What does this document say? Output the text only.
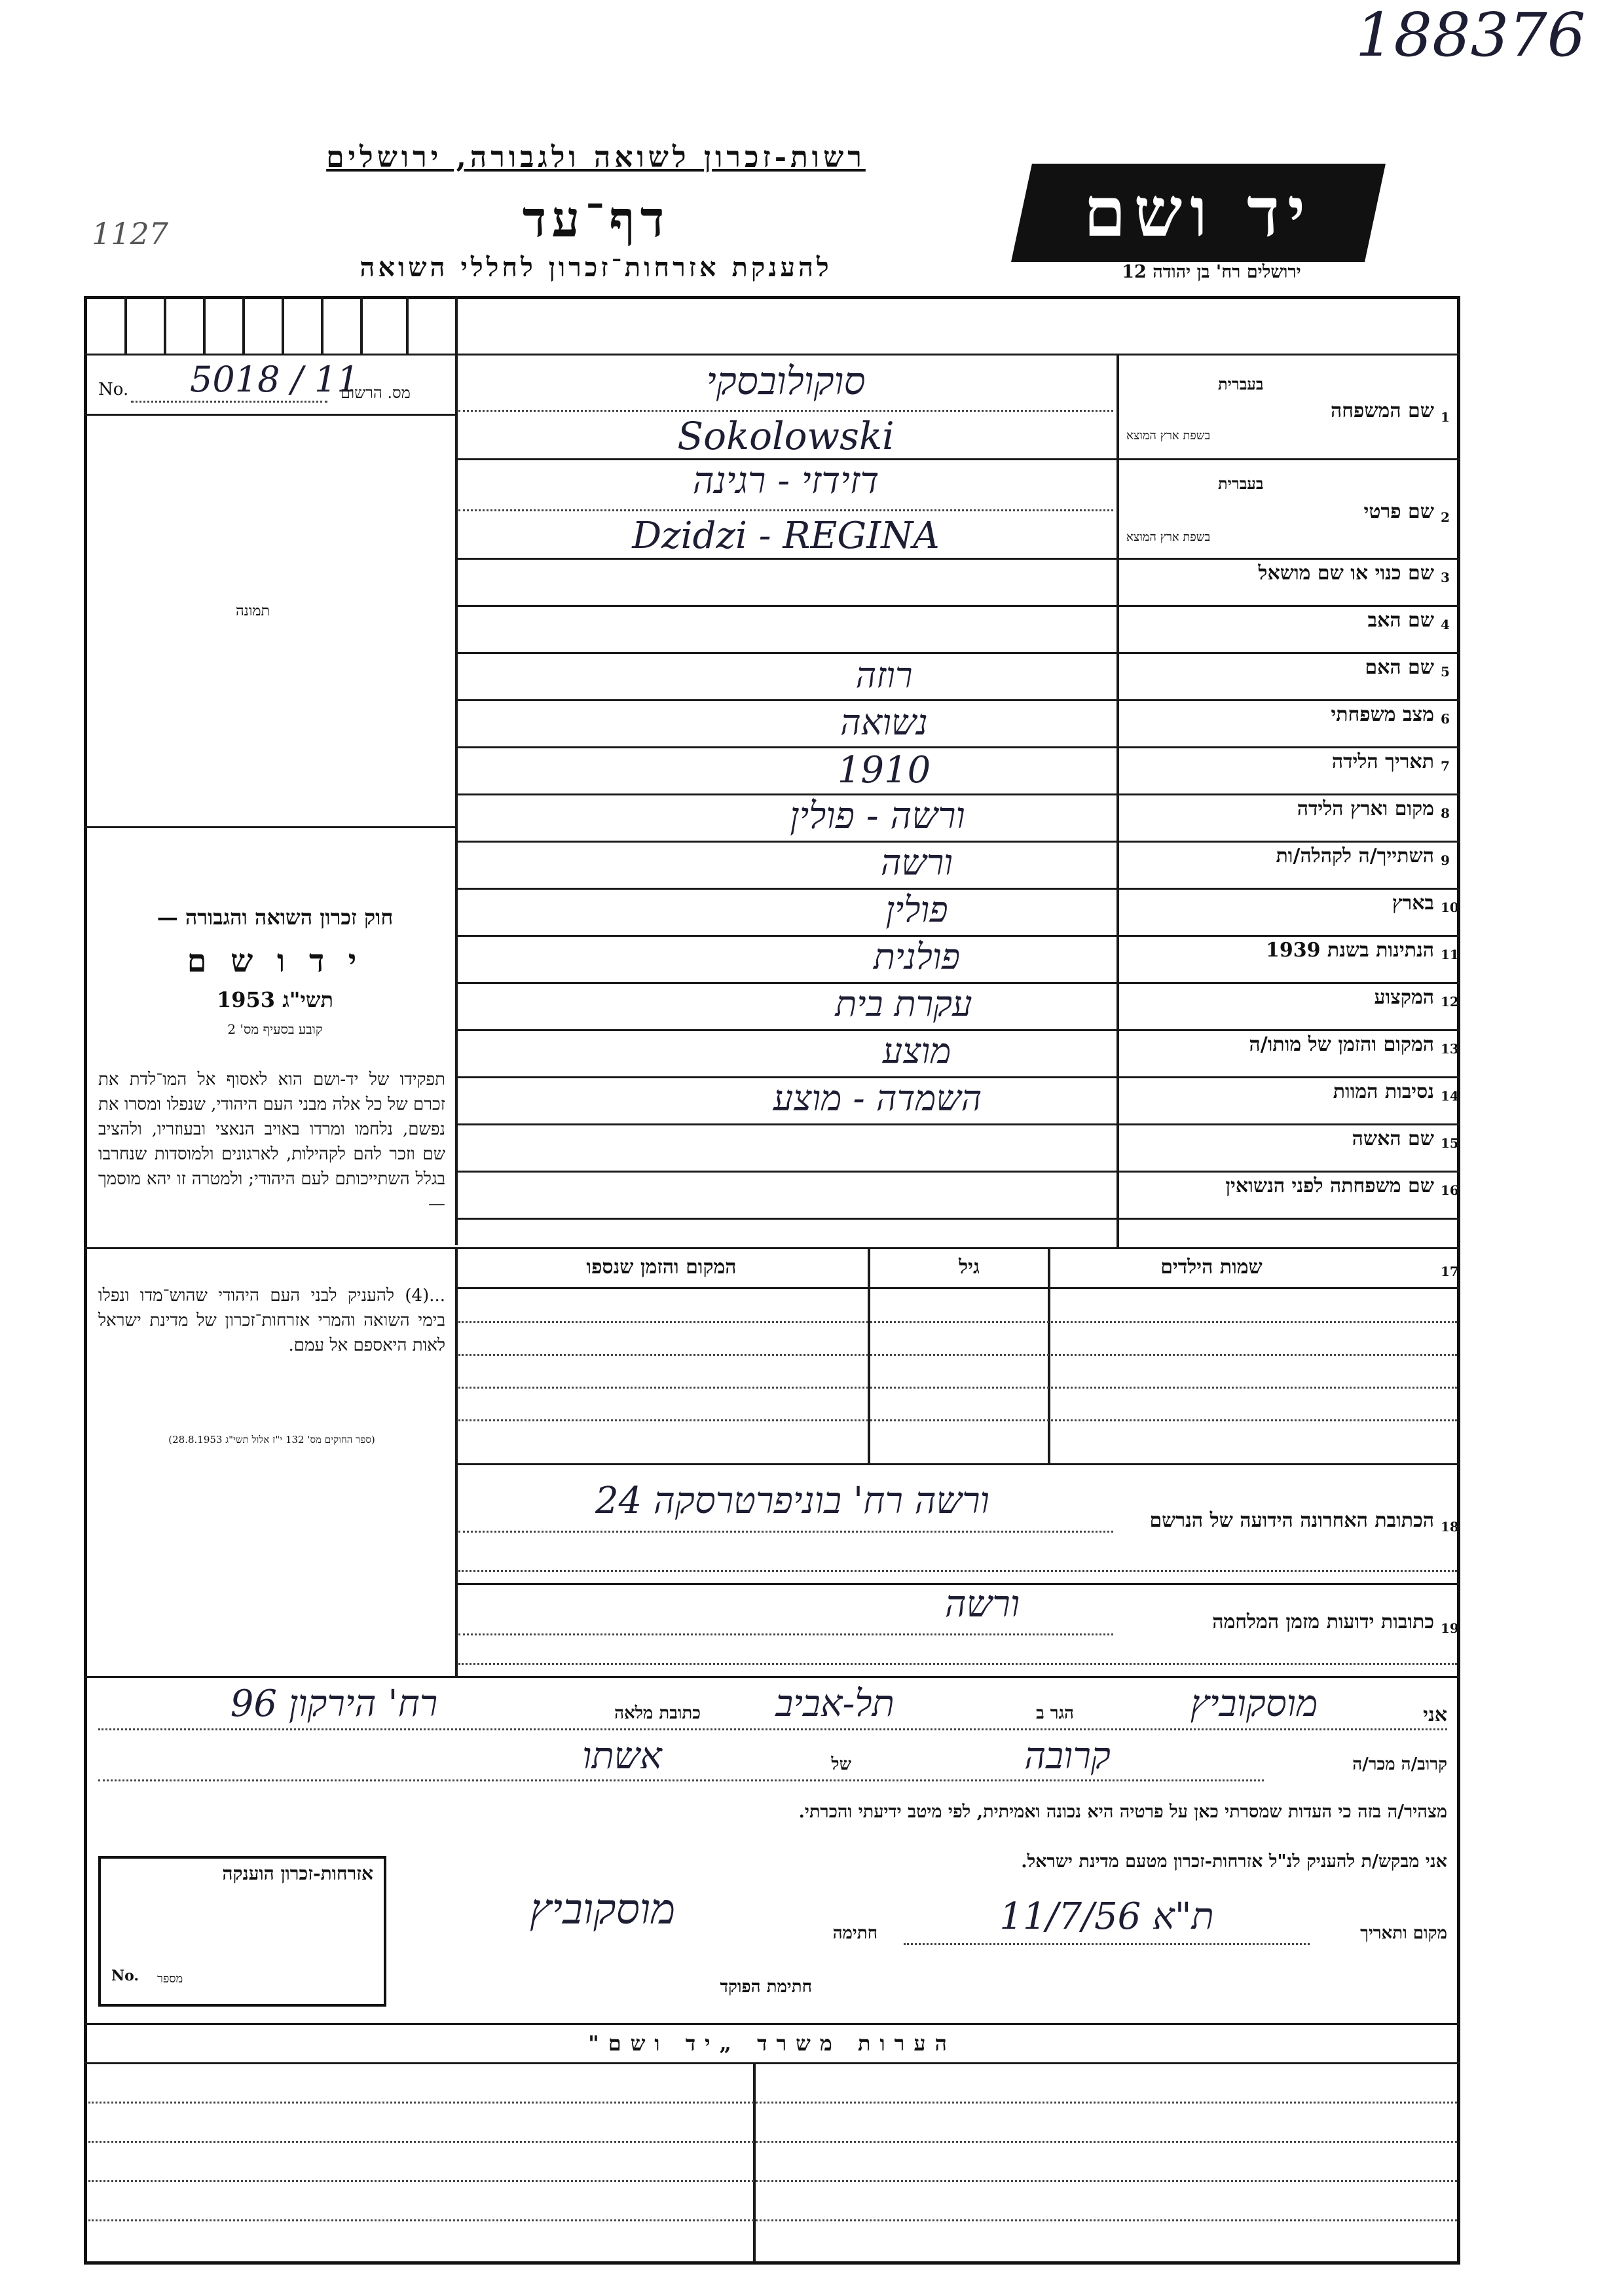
188376
1127
רשות-זכרון לשואה ולגבורה, ירושלים
דף־עד
להענקת אזרחות־זכרון לחללי השואה
יד ושם
ירושלים רח' בן יהודה 12
No. 5018 / 11
מס. הרשום
תמונה
חוק זכרון השואה והגבורה —
י ד ו ש ם
תשי"ג 1953
קובע בסעיף מס' 2
תפקידו של יד-ושם הוא לאסוף אל המו־לדת את זכרם של כל אלה מבני העם היהודי, שנפלו ומסרו את נפשם, נלחמו ומרדו באויב הנאצי ובעוזריו, ולהציב שם וזכר להם לקהילות, לארגונים ולמוסדות שנחרבו בגלל השתייכותם לעם היהודי; ולמטרה זו יהא מוסמך —
...(4) להעניק לבני העם היהודי שהוש־מדו ונפלו בימי השואה והמרי אזרחות־זכרון של מדינת ישראל לאות היאספם אל עמם.
(ספר החוקים מס' 132 י"ז אלול תשי"ג 28.8.1953)
1
שם המשפחה
בעברית
בשפת ארץ המוצא
סוקולובסקי
Sokolowski
2
שם פרטי
בעברית
בשפת ארץ המוצא
דזידזי - רגינה
Dzidzi - REGINA
3
שם כנוי או שם מושאל
4
שם האב
5
שם האם
רוזה
6
מצב משפחתי
נשואה
7
תאריך הלידה
1910
8
מקום וארץ הלידה
ורשה - פולין
9
השתייך/ה לקהלה/ות
ורשה
10
בארץ
פולין
11
הנתינות בשנת 1939
פולנית
12
המקצוע
עקרת בית
13
המקום והזמן של מותו/ה
מוצע
14
נסיבות המוות
השמדה - מוצע
15
שם האשה
16
שם משפחתה לפני הנשואין
17
שמות הילדים
גיל
המקום והזמן שנספו
18
הכתובת האחרונה הידועה של הנרשם
ורשה רח' בוניפרטרסקה 24
19
כתובות ידועות מזמן המלחמה
ורשה
אני
מוסקוביץ
הגר ב
תל-אביב
כתובת מלאה
רח' הירקון 96
קרוב/ה מכר/ה
קרובה
של
אשתו
מצהיר/ה בזה כי העדות שמסרתי כאן על פרטיה היא נכונה ואמיתית, לפי מיטב ידיעתי והכרתי.
אני מבקש/ת להעניק לנ"ל אזרחות-זכרון מטעם מדינת ישראל.
מקום ותאריך
ת"א 11/7/56
חתימה
מוסקוביץ
חתימת הפוקד
אזרחות-זכרון הוענקה
No. מספר
הערות משרד „יד ושם"
